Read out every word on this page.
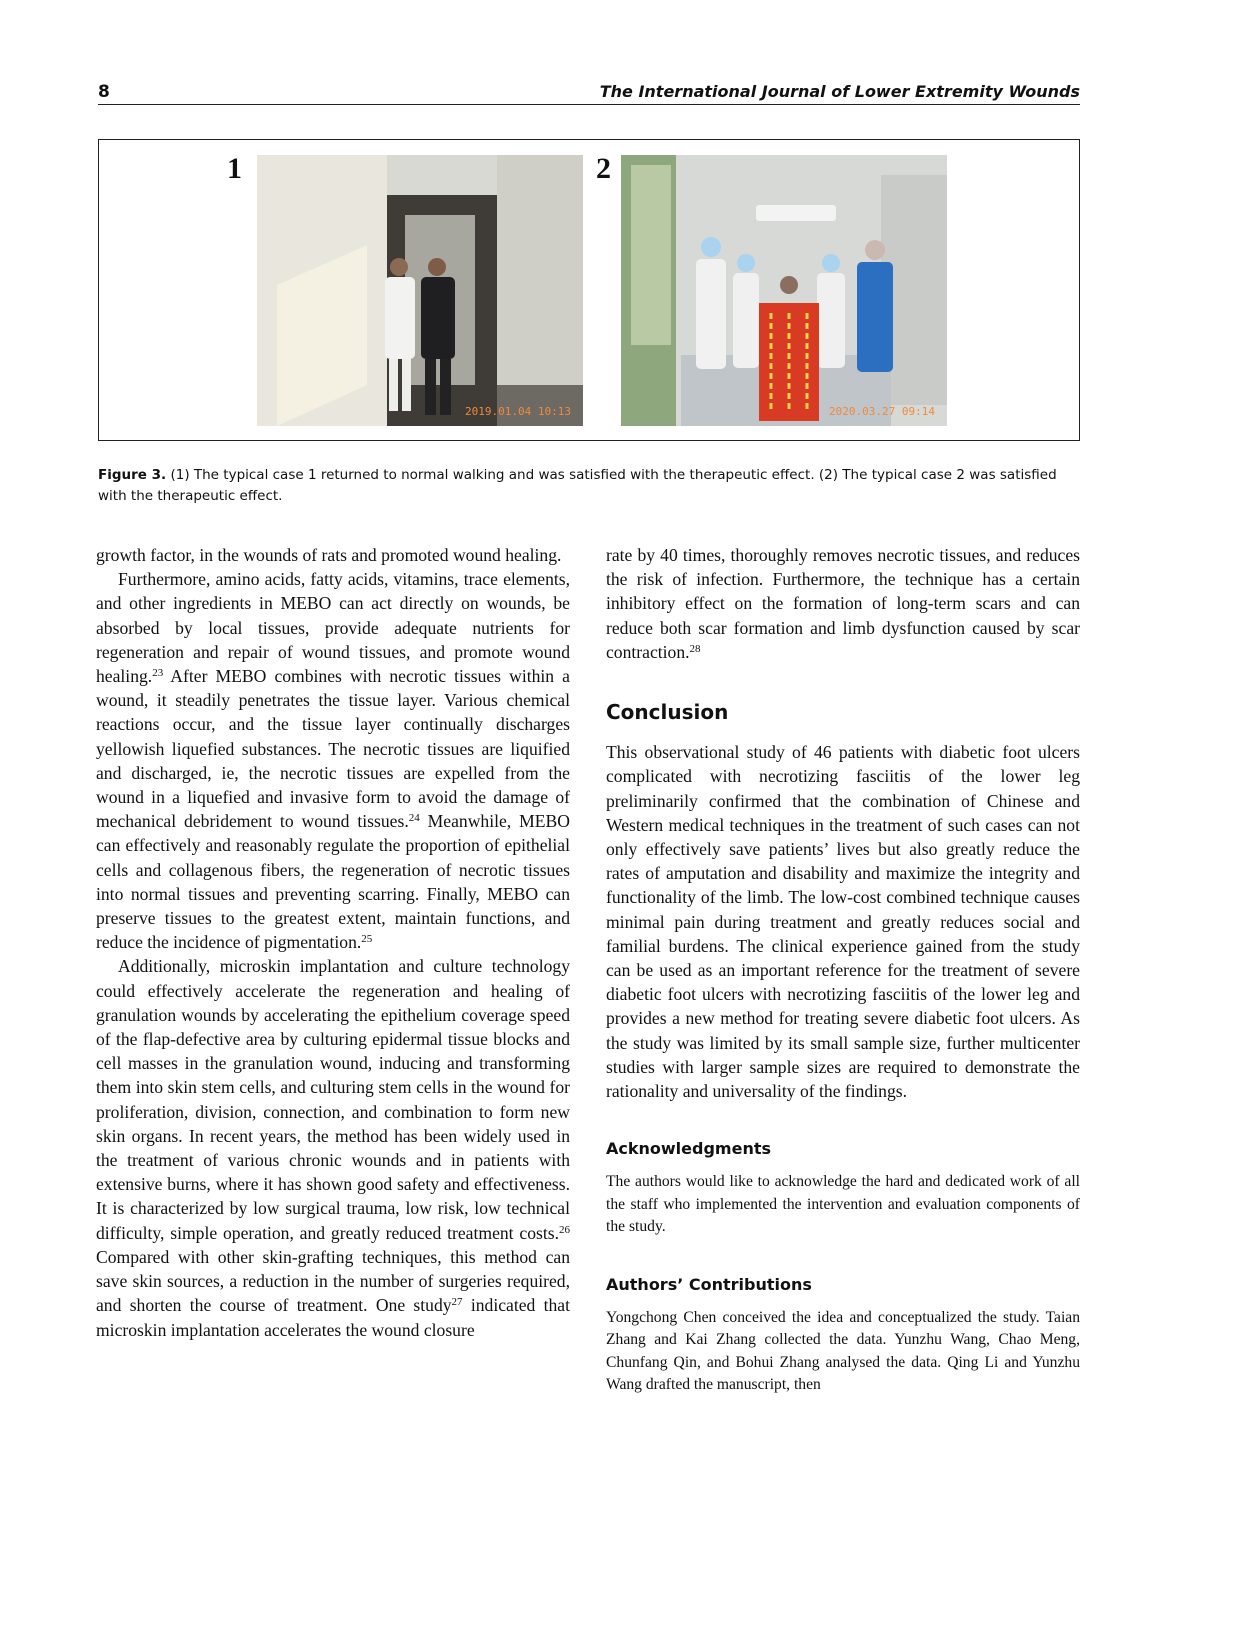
8	The International Journal of Lower Extremity Wounds
1
2019.01.04 10:13
2
2020.03.27 09:14
Figure 3. (1) The typical case 1 returned to normal walking and was satisfied with the therapeutic effect. (2) The typical case 2 was satisfied with the therapeutic effect.

growth factor, in the wounds of rats and promoted wound healing.

Furthermore, amino acids, fatty acids, vitamins, trace elements, and other ingredients in MEBO can act directly on wounds, be absorbed by local tissues, provide adequate nutrients for regeneration and repair of wound tissues, and promote wound healing.$^{23}$ After MEBO combines with necrotic tissues within a wound, it steadily penetrates the tissue layer. Various chemical reactions occur, and the tissue layer continually discharges yellowish liquefied substances. The necrotic tissues are liquified and discharged, ie, the necrotic tissues are expelled from the wound in a liquefied and invasive form to avoid the damage of mechanical debridement to wound tissues.$^{24}$ Meanwhile, MEBO can effectively and reasonably regulate the proportion of epithelial cells and collagenous fibers, the regeneration of necrotic tissues into normal tissues and preventing scarring. Finally, MEBO can preserve tissues to the greatest extent, maintain functions, and reduce the incidence of pigmentation.$^{25}$

Additionally, microskin implantation and culture technology could effectively accelerate the regeneration and healing of granulation wounds by accelerating the epithelium coverage speed of the flap-defective area by culturing epidermal tissue blocks and cell masses in the granulation wound, inducing and transforming them into skin stem cells, and culturing stem cells in the wound for proliferation, division, connection, and combination to form new skin organs. In recent years, the method has been widely used in the treatment of various chronic wounds and in patients with extensive burns, where it has shown good safety and effectiveness. It is characterized by low surgical trauma, low risk, low technical difficulty, simple operation, and greatly reduced treatment costs.$^{26}$ Compared with other skin-grafting techniques, this method can save skin sources, a reduction in the number of surgeries required, and shorten the course of treatment. One study$^{27}$ indicated that microskin implantation accelerates the wound closure

rate by 40 times, thoroughly removes necrotic tissues, and reduces the risk of infection. Furthermore, the technique has a certain inhibitory effect on the formation of long-term scars and can reduce both scar formation and limb dysfunction caused by scar contraction.$^{28}$

Conclusion

This observational study of 46 patients with diabetic foot ulcers complicated with necrotizing fasciitis of the lower leg preliminarily confirmed that the combination of Chinese and Western medical techniques in the treatment of such cases can not only effectively save patients’ lives but also greatly reduce the rates of amputation and disability and maximize the integrity and functionality of the limb. The low-cost combined technique causes minimal pain during treatment and greatly reduces social and familial burdens. The clinical experience gained from the study can be used as an important reference for the treatment of severe diabetic foot ulcers with necrotizing fasciitis of the lower leg and provides a new method for treating severe diabetic foot ulcers. As the study was limited by its small sample size, further multicenter studies with larger sample sizes are required to demonstrate the rationality and universality of the findings.

Acknowledgments

The authors would like to acknowledge the hard and dedicated work of all the staff who implemented the intervention and evaluation components of the study.

Authors’ Contributions

Yongchong Chen conceived the idea and conceptualized the study. Taian Zhang and Kai Zhang collected the data. Yunzhu Wang, Chao Meng, Chunfang Qin, and Bohui Zhang analysed the data. Qing Li and Yunzhu Wang drafted the manuscript, then
